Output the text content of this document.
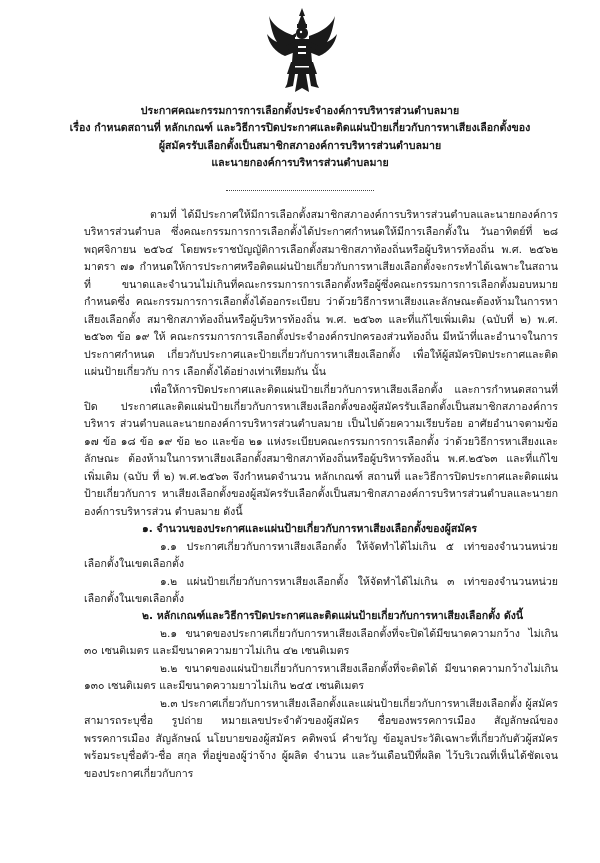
ประกาศคณะกรรมการการเลือกตั้งประจำองค์การบริหารส่วนตำบลมาย
เรื่อง กำหนดสถานที่ หลักเกณฑ์ และวิธีการปิดประกาศและติดแผ่นป้ายเกี่ยวกับการหาเสียงเลือกตั้งของ
ผู้สมัครรับเลือกตั้งเป็นสมาชิกสภาองค์การบริหารส่วนตำบลมาย
และนายกองค์การบริหารส่วนตำบลมาย

ตามที่ ได้มีประกาศให้มีการเลือกตั้งสมาชิกสภาองค์การบริหารส่วนตำบลและนายกองค์การบริหารส่วนตำบล ซึ่งคณะกรรมการการเลือกตั้งได้ประกาศกำหนดให้มีการเลือกตั้งใน วันอาทิตย์ที่ ๒๘ พฤศจิกายน ๒๕๖๔ โดยพระราชบัญญัติการเลือกตั้งสมาชิกสภาท้องถิ่นหรือผู้บริหารท้องถิ่น พ.ศ. ๒๕๖๒ มาตรา ๗๑ กำหนดให้การประกาศหรือติดแผ่นป้ายเกี่ยวกับการหาเสียงเลือกตั้งจะกระทำได้เฉพาะในสถานที่ ขนาดและจำนวนไม่เกินที่คณะกรรมการการเลือกตั้งหรือผู้ซึ่งคณะกรรมการการเลือกตั้งมอบหมายกำหนดซึ่ง คณะกรรมการการเลือกตั้งได้ออกระเบียบ ว่าด้วยวิธีการหาเสียงและลักษณะต้องห้ามในการหาเสียงเลือกตั้ง สมาชิกสภาท้องถิ่นหรือผู้บริหารท้องถิ่น พ.ศ. ๒๕๖๓ และที่แก้ไขเพิ่มเติม (ฉบับที่ ๒) พ.ศ. ๒๕๖๓ ข้อ ๑๙ ให้ คณะกรรมการการเลือกตั้งประจำองค์กรปกครองส่วนท้องถิ่น มีหน้าที่และอำนาจในการประกาศกำหนด เกี่ยวกับประกาศและป้ายเกี่ยวกับการหาเสียงเลือกตั้ง เพื่อให้ผู้สมัครปิดประกาศและติดแผ่นป้ายเกี่ยวกับ การ เลือกตั้งได้อย่างเท่าเทียมกัน นั้น

เพื่อให้การปิดประกาศและติดแผ่นป้ายเกี่ยวกับการหาเสียงเลือกตั้ง และการกำหนดสถานที่ปิด ประกาศและติดแผ่นป้ายเกี่ยวกับการหาเสียงเลือกตั้งของผู้สมัครรับเลือกตั้งเป็นสมาชิกสภาองค์การบริหาร ส่วนตำบลและนายกองค์การบริหารส่วนตำบลมาย เป็นไปด้วยความเรียบร้อย อาศัยอำนาจตามข้อ ๑๗ ข้อ ๑๘ ข้อ ๑๙ ข้อ ๒๐ และข้อ ๒๑ แห่งระเบียบคณะกรรมการการเลือกตั้ง ว่าด้วยวิธีการหาเสียงและลักษณะ ต้องห้ามในการหาเสียงเลือกตั้งสมาชิกสภาท้องถิ่นหรือผู้บริหารท้องถิ่น พ.ศ.๒๕๖๓ และที่แก้ไขเพิ่มเติม (ฉบับ ที่ ๒) พ.ศ.๒๕๖๓ จึงกำหนดจำนวน หลักเกณฑ์ สถานที่ และวิธีการปิดประกาศและติดแผ่นป้ายเกี่ยวกับการ หาเสียงเลือกตั้งของผู้สมัครรับเลือกตั้งเป็นสมาชิกสภาองค์การบริหารส่วนตำบลและนายกองค์การบริหารส่วน ตำบลมาย ดังนี้

๑. จำนวนของประกาศและแผ่นป้ายเกี่ยวกับการหาเสียงเลือกตั้งของผู้สมัคร

๑.๑ ประกาศเกี่ยวกับการหาเสียงเลือกตั้ง ให้จัดทำได้ไม่เกิน ๕ เท่าของจำนวนหน่วย เลือกตั้งในเขตเลือกตั้ง

๑.๒ แผ่นป้ายเกี่ยวกับการหาเสียงเลือกตั้ง ให้จัดทำได้ไม่เกิน ๓ เท่าของจำนวนหน่วย เลือกตั้งในเขตเลือกตั้ง

๒. หลักเกณฑ์และวิธีการปิดประกาศและติดแผ่นป้ายเกี่ยวกับการหาเสียงเลือกตั้ง ดังนี้

๒.๑ ขนาดของประกาศเกี่ยวกับการหาเสียงเลือกตั้งที่จะปิดได้มีขนาดความกว้าง ไม่เกิน ๓๐ เซนติเมตร และมีขนาดความยาวไม่เกิน ๔๒ เซนติเมตร

๒.๒ ขนาดของแผ่นป้ายเกี่ยวกับการหาเสียงเลือกตั้งที่จะติดได้ มีขนาดความกว้างไม่เกิน ๑๓๐ เซนติเมตร และมีขนาดความยาวไม่เกิน ๒๔๕ เซนติเมตร

๒.๓ ประกาศเกี่ยวกับการหาเสียงเลือกตั้งและแผ่นป้ายเกี่ยวกับการหาเสียงเลือกตั้ง ผู้สมัคร สามารถระบุชื่อ รูปถ่าย หมายเลขประจำตัวของผู้สมัคร ชื่อของพรรคการเมือง สัญลักษณ์ของพรรคการเมือง สัญลักษณ์ นโยบายของผู้สมัคร คติพจน์ คำขวัญ ข้อมูลประวัติเฉพาะที่เกี่ยวกับตัวผู้สมัครพร้อมระบุชื่อตัว-ชื่อ สกุล ที่อยู่ของผู้ว่าจ้าง ผู้ผลิต จำนวน และวันเดือนปีที่ผลิต ไว้บริเวณที่เห็นได้ชัดเจน ของประกาศเกี่ยวกับการ
